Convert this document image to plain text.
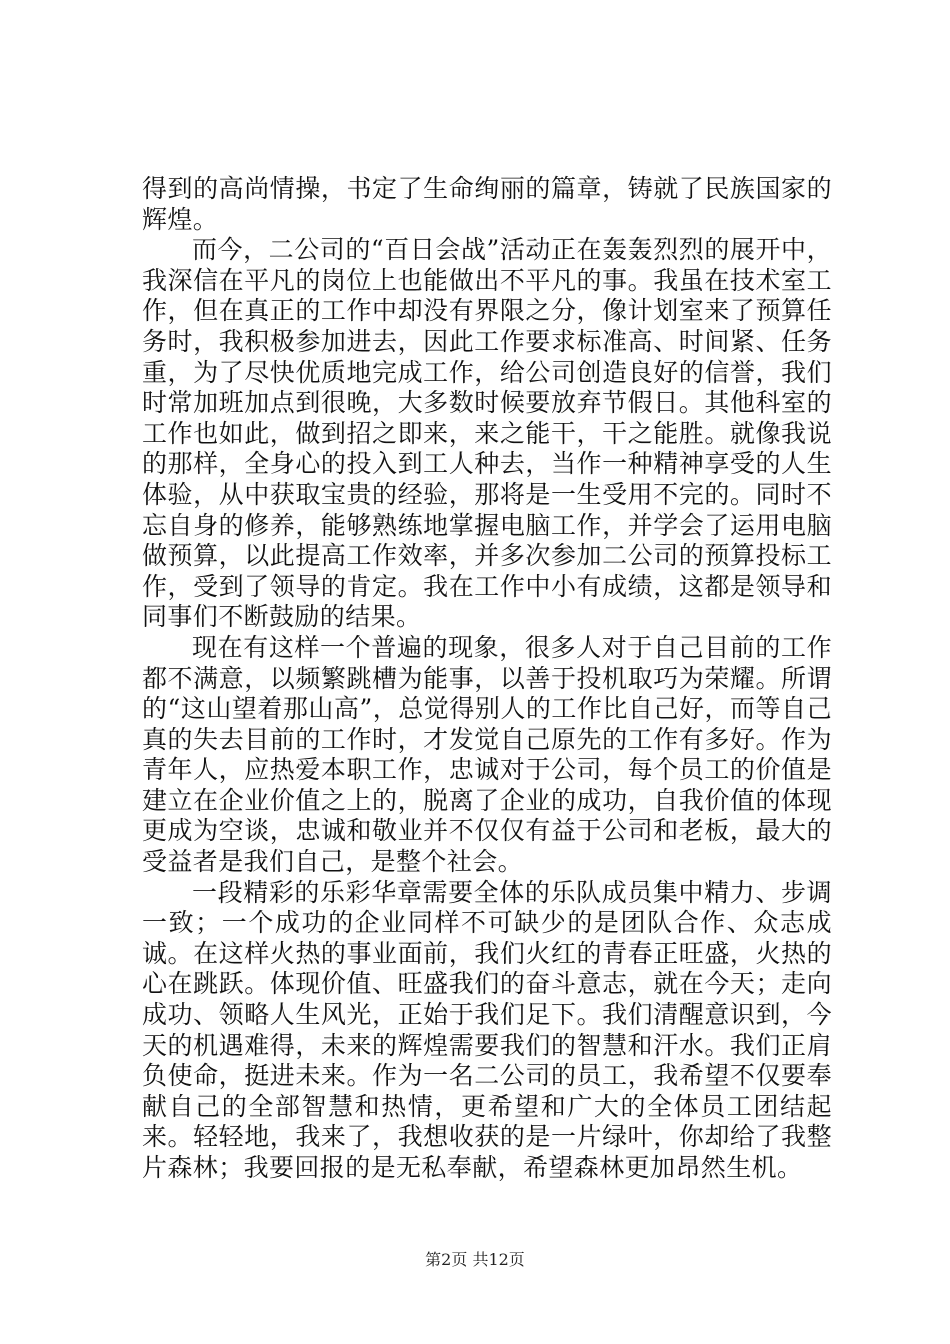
得到的高尚情操，书定了生命绚丽的篇章，铸就了民族国家的辉煌。

而今，二公司的“百日会战”活动正在轰轰烈烈的展开中，我深信在平凡的岗位上也能做出不平凡的事。我虽在技术室工作，但在真正的工作中却没有界限之分，像计划室来了预算任务时，我积极参加进去，因此工作要求标准高、时间紧、任务重，为了尽快优质地完成工作，给公司创造良好的信誉，我们时常加班加点到很晚，大多数时候要放弃节假日。其他科室的工作也如此，做到招之即来，来之能干，干之能胜。就像我说的那样，全身心的投入到工人种去，当作一种精神享受的人生体验，从中获取宝贵的经验，那将是一生受用不完的。同时不忘自身的修养，能够熟练地掌握电脑工作，并学会了运用电脑做预算，以此提高工作效率，并多次参加二公司的预算投标工作，受到了领导的肯定。我在工作中小有成绩，这都是领导和同事们不断鼓励的结果。

现在有这样一个普遍的现象，很多人对于自己目前的工作都不满意，以频繁跳槽为能事，以善于投机取巧为荣耀。所谓的“这山望着那山高”，总觉得别人的工作比自己好，而等自己真的失去目前的工作时，才发觉自己原先的工作有多好。作为青年人，应热爱本职工作，忠诚对于公司，每个员工的价值是建立在企业价值之上的，脱离了企业的成功，自我价值的体现更成为空谈，忠诚和敬业并不仅仅有益于公司和老板，最大的受益者是我们自己，是整个社会。

一段精彩的乐彩华章需要全体的乐队成员集中精力、步调一致；一个成功的企业同样不可缺少的是团队合作、众志成诚。在这样火热的事业面前，我们火红的青春正旺盛，火热的心在跳跃。体现价值、旺盛我们的奋斗意志，就在今天；走向成功、领略人生风光，正始于我们足下。我们清醒意识到，今天的机遇难得，未来的辉煌需要我们的智慧和汗水。我们正肩负使命，挺进未来。作为一名二公司的员工，我希望不仅要奉献自己的全部智慧和热情，更希望和广大的全体员工团结起来。轻轻地，我来了，我想收获的是一片绿叶，你却给了我整片森林；我要回报的是无私奉献，希望森林更加昂然生机。

第2页 共12页
